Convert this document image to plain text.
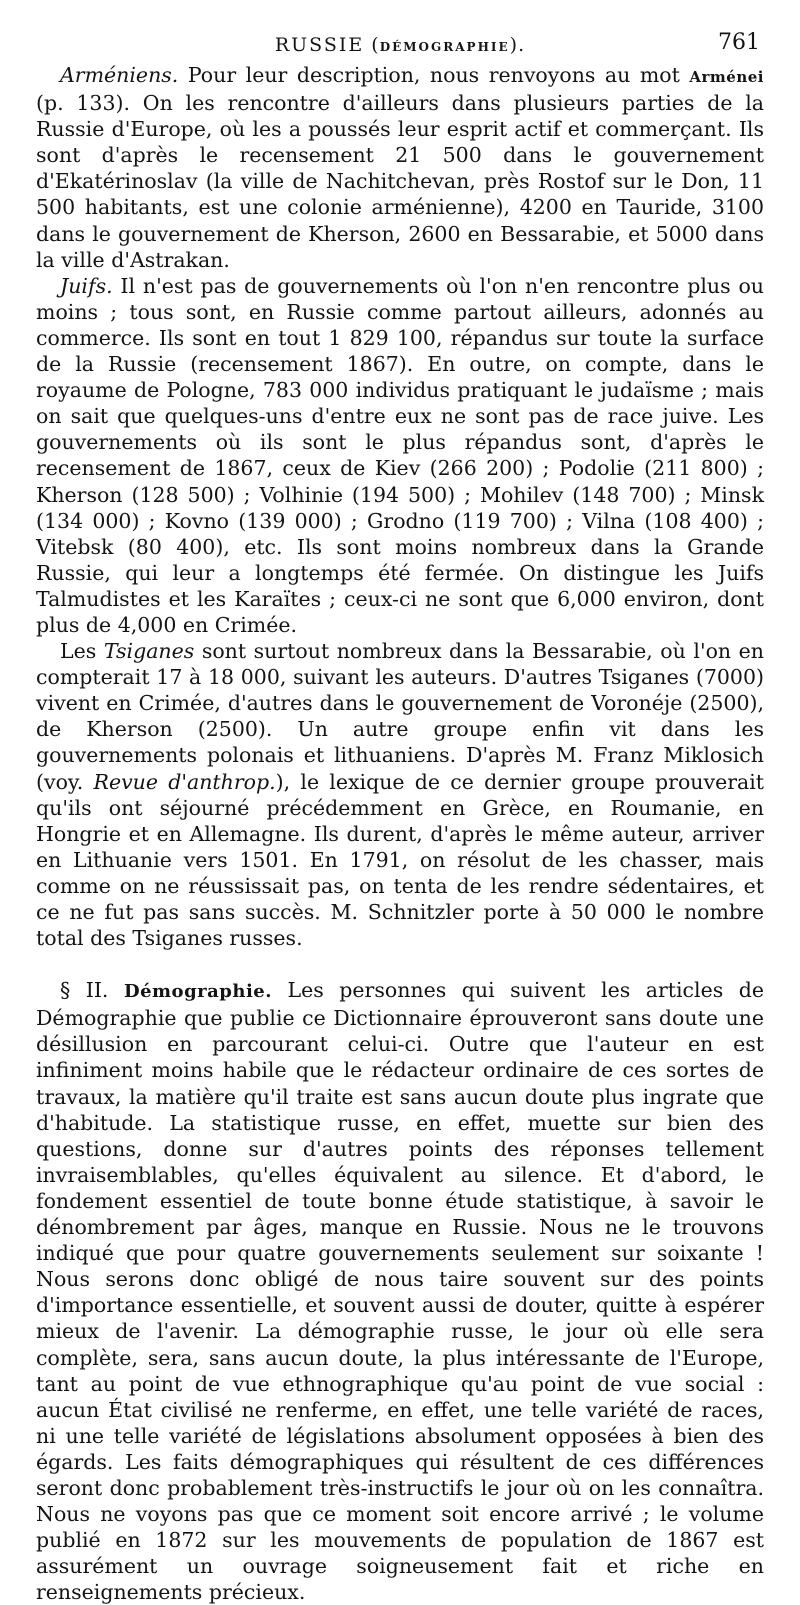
RUSSIE (DÉMOGRAPHIE).	761

Arméniens. Pour leur description, nous renvoyons au mot Arménei (p. 133). On les rencontre d'ailleurs dans plusieurs parties de la Russie d'Europe, où les a poussés leur esprit actif et commerçant. Ils sont d'après le recensement 21 500 dans le gouvernement d'Ekatérinoslav (la ville de Nachitchevan, près Rostof sur le Don, 11 500 habitants, est une colonie arménienne), 4200 en Tauride, 3100 dans le gouvernement de Kherson, 2600 en Bessarabie, et 5000 dans la ville d'Astrakan.

Juifs. Il n'est pas de gouvernements où l'on n'en rencontre plus ou moins ; tous sont, en Russie comme partout ailleurs, adonnés au commerce. Ils sont en tout 1 829 100, répandus sur toute la surface de la Russie (recensement 1867). En outre, on compte, dans le royaume de Pologne, 783 000 individus pratiquant le judaïsme ; mais on sait que quelques-uns d'entre eux ne sont pas de race juive. Les gouvernements où ils sont le plus répandus sont, d'après le recensement de 1867, ceux de Kiev (266 200) ; Podolie (211 800) ; Kherson (128 500) ; Volhinie (194 500) ; Mohilev (148 700) ; Minsk (134 000) ; Kovno (139 000) ; Grodno (119 700) ; Vilna (108 400) ; Vitebsk (80 400), etc. Ils sont moins nombreux dans la Grande Russie, qui leur a longtemps été fermée. On distingue les Juifs Talmudistes et les Karaïtes ; ceux-ci ne sont que 6,000 environ, dont plus de 4,000 en Crimée.

Les Tsiganes sont surtout nombreux dans la Bessarabie, où l'on en compterait 17 à 18 000, suivant les auteurs. D'autres Tsiganes (7000) vivent en Crimée, d'autres dans le gouvernement de Voronéje (2500), de Kherson (2500). Un autre groupe enfin vit dans les gouvernements polonais et lithuaniens. D'après M. Franz Miklosich (voy. Revue d'anthrop.), le lexique de ce dernier groupe prouverait qu'ils ont séjourné précédemment en Grèce, en Roumanie, en Hongrie et en Allemagne. Ils durent, d'après le même auteur, arriver en Lithuanie vers 1501. En 1791, on résolut de les chasser, mais comme on ne réussissait pas, on tenta de les rendre sédentaires, et ce ne fut pas sans succès. M. Schnitzler porte à 50 000 le nombre total des Tsiganes russes.

§ II. Démographie. Les personnes qui suivent les articles de Démographie que publie ce Dictionnaire éprouveront sans doute une désillusion en parcourant celui-ci. Outre que l'auteur en est infiniment moins habile que le rédacteur ordinaire de ces sortes de travaux, la matière qu'il traite est sans aucun doute plus ingrate que d'habitude. La statistique russe, en effet, muette sur bien des questions, donne sur d'autres points des réponses tellement invraisemblables, qu'elles équivalent au silence. Et d'abord, le fondement essentiel de toute bonne étude statistique, à savoir le dénombrement par âges, manque en Russie. Nous ne le trouvons indiqué que pour quatre gouvernements seulement sur soixante ! Nous serons donc obligé de nous taire souvent sur des points d'importance essentielle, et souvent aussi de douter, quitte à espérer mieux de l'avenir. La démographie russe, le jour où elle sera complète, sera, sans aucun doute, la plus intéressante de l'Europe, tant au point de vue ethnographique qu'au point de vue social : aucun État civilisé ne renferme, en effet, une telle variété de races, ni une telle variété de législations absolument opposées à bien des égards. Les faits démographiques qui résultent de ces différences seront donc probablement très-instructifs le jour où on les connaîtra. Nous ne voyons pas que ce moment soit encore arrivé ; le volume publié en 1872 sur les mouvements de population de 1867 est assurément un ouvrage soigneusement fait et riche en renseignements précieux.
